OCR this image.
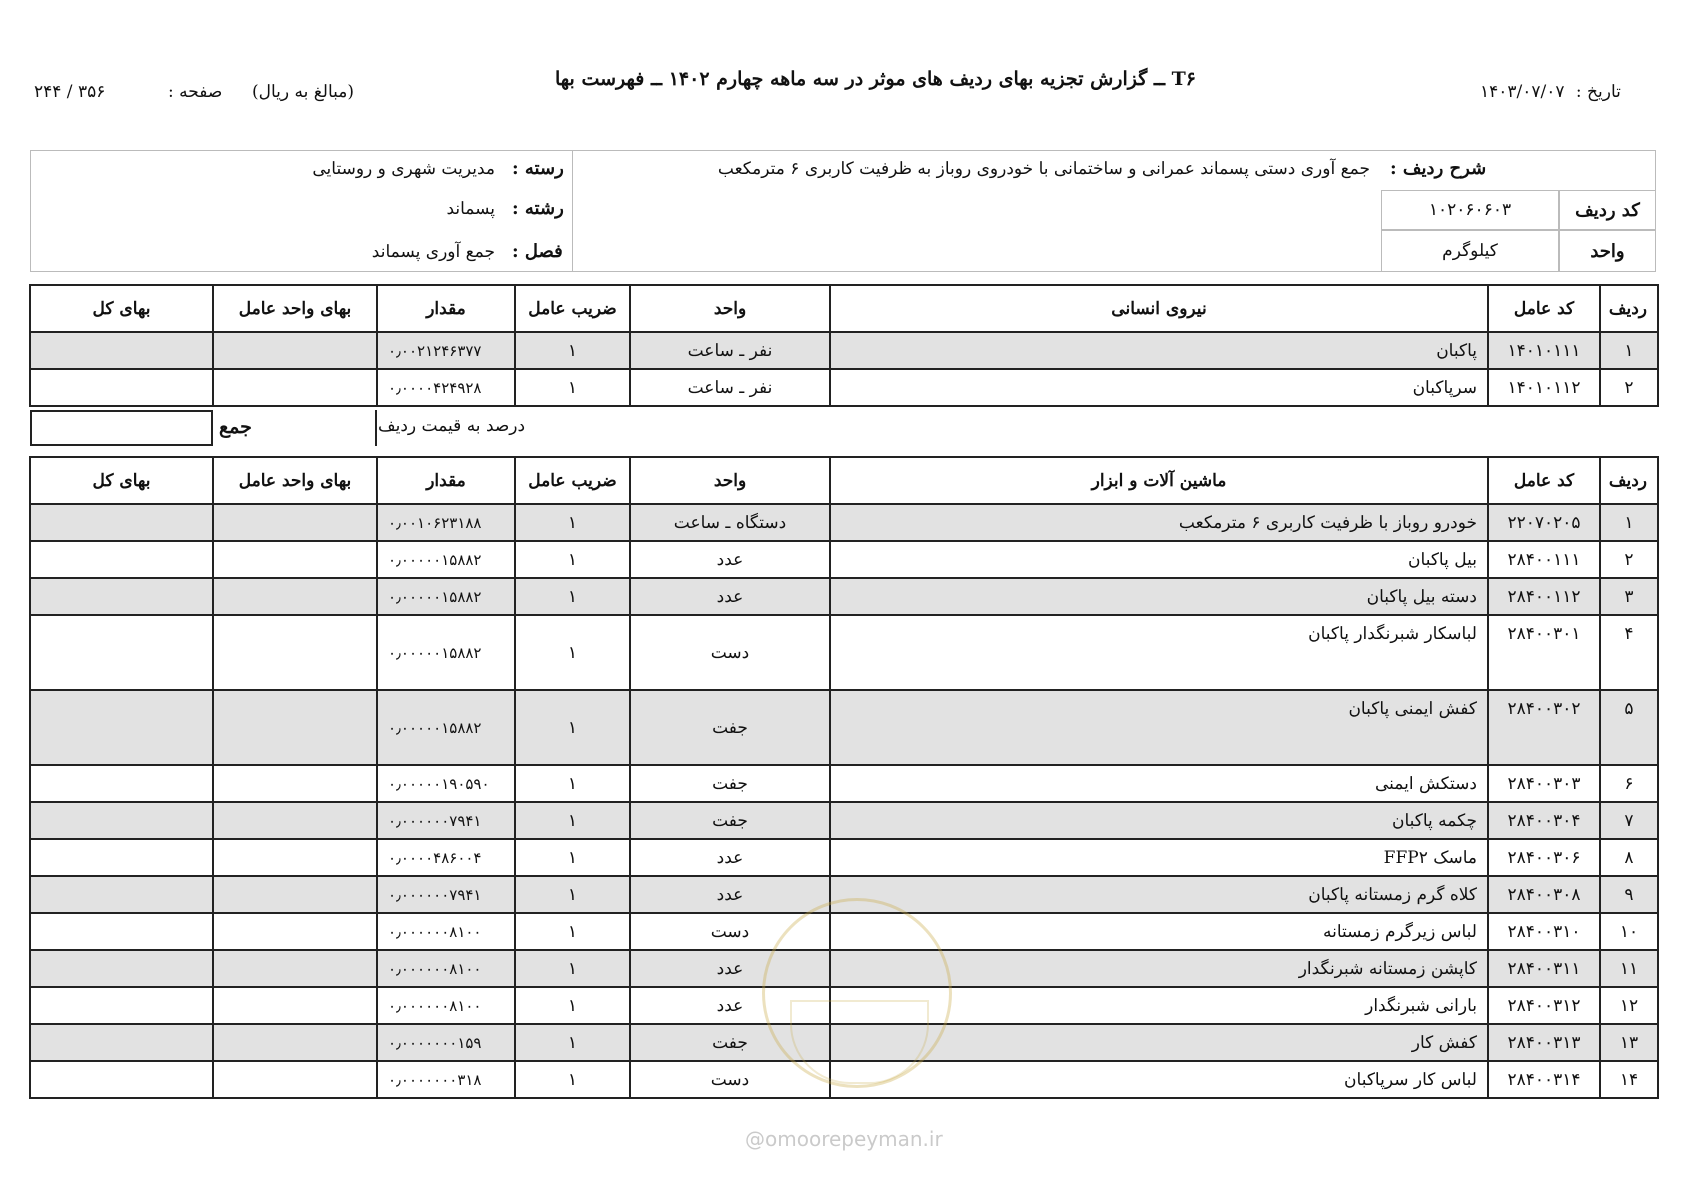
تاریخ : ۱۴۰۳/۰۷/۰۷
T۶ ــ گزارش تجزیه بهای ردیف های موثر در سه ماهه چهارم ۱۴۰۲ ــ فهرست بها
(مبالغ به ریال)
صفحه :
۳۵۶ / ۲۴۴
شرح ردیف :
جمع آوری دستی پسماند عمرانی و ساختمانی با خودروی روباز به ظرفیت کاربری ۶ مترمکعب
۱۰۲۰۶۰۶۰۳	کد ردیف
کیلوگرم	واحد
رسته :
مدیریت شهری و روستایی
رشته :
پسماند
فصل :
جمع آوری پسماند
ردیف	کد عامل	نیروی انسانی	واحد	ضریب عامل	مقدار	بهای واحد عامل	بهای کل
۱	۱۴۰۱۰۱۱۱	پاکبان	نفر ـ ساعت	۱	۰٫۰۰۲۱۲۴۶۳۷۷		
۲	۱۴۰۱۰۱۱۲	سرپاکبان	نفر ـ ساعت	۱	۰٫۰۰۰۰۴۲۴۹۲۸		
جمع	درصد به قیمت ردیف
ردیف	کد عامل	ماشین آلات و ابزار	واحد	ضریب عامل	مقدار	بهای واحد عامل	بهای کل
۱	۲۲۰۷۰۲۰۵	خودرو روباز با ظرفیت کاربری ۶ مترمکعب	دستگاه ـ ساعت	۱	۰٫۰۰۱۰۶۲۳۱۸۸		
۲	۲۸۴۰۰۱۱۱	بیل پاکبان	عدد	۱	۰٫۰۰۰۰۰۱۵۸۸۲		
۳	۲۸۴۰۰۱۱۲	دسته بیل پاکبان	عدد	۱	۰٫۰۰۰۰۰۱۵۸۸۲		
۴	۲۸۴۰۰۳۰۱	لباسکار شبرنگدار پاکبان	دست	۱	۰٫۰۰۰۰۰۱۵۸۸۲		
۵	۲۸۴۰۰۳۰۲	کفش ایمنی پاکبان	جفت	۱	۰٫۰۰۰۰۰۱۵۸۸۲		
۶	۲۸۴۰۰۳۰۳	دستکش ایمنی	جفت	۱	۰٫۰۰۰۰۰۱۹۰۵۹۰		
۷	۲۸۴۰۰۳۰۴	چکمه پاکبان	جفت	۱	۰٫۰۰۰۰۰۰۷۹۴۱		
۸	۲۸۴۰۰۳۰۶	ماسک FFP۲	عدد	۱	۰٫۰۰۰۰۴۸۶۰۰۴		
۹	۲۸۴۰۰۳۰۸	کلاه گرم زمستانه پاکبان	عدد	۱	۰٫۰۰۰۰۰۰۷۹۴۱		
۱۰	۲۸۴۰۰۳۱۰	لباس زیرگرم زمستانه	دست	۱	۰٫۰۰۰۰۰۰۸۱۰۰		
۱۱	۲۸۴۰۰۳۱۱	کاپشن زمستانه شبرنگدار	عدد	۱	۰٫۰۰۰۰۰۰۸۱۰۰		
۱۲	۲۸۴۰۰۳۱۲	بارانی شبرنگدار	عدد	۱	۰٫۰۰۰۰۰۰۸۱۰۰		
۱۳	۲۸۴۰۰۳۱۳	کفش کار	جفت	۱	۰٫۰۰۰۰۰۰۰۱۵۹		
۱۴	۲۸۴۰۰۳۱۴	لباس کار سرپاکبان	دست	۱	۰٫۰۰۰۰۰۰۰۳۱۸		
@omoorepeyman.ir
